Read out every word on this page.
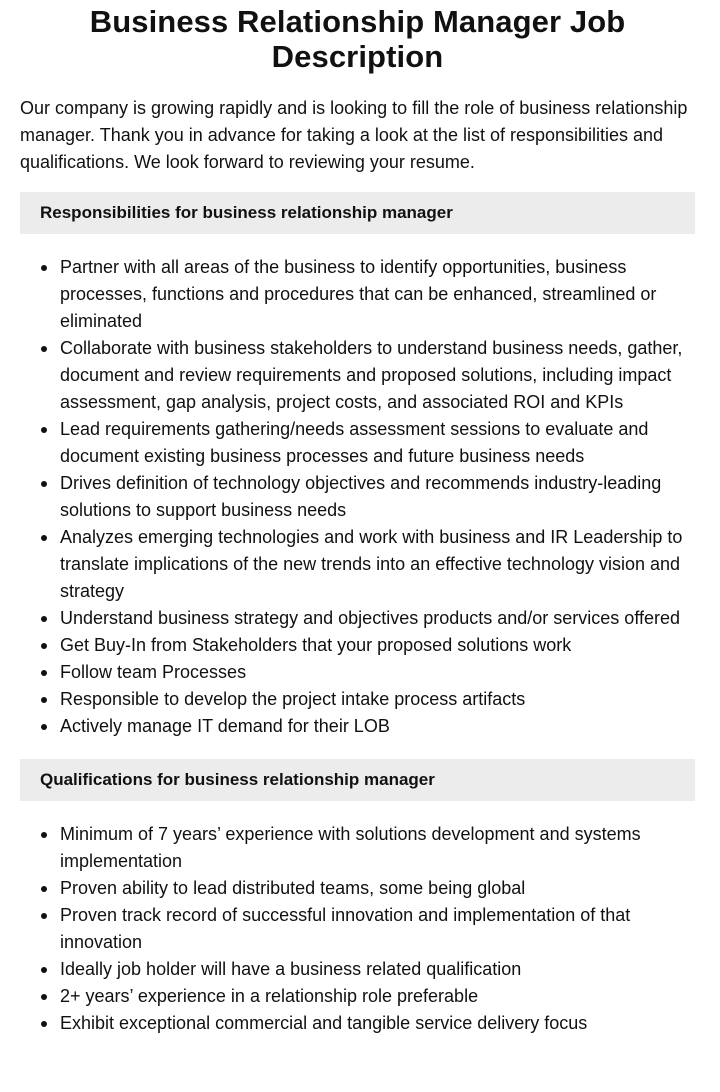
Business Relationship Manager Job Description

Our company is growing rapidly and is looking to fill the role of business relationship manager. Thank you in advance for taking a look at the list of responsibilities and qualifications. We look forward to reviewing your resume.

Responsibilities for business relationship manager
Partner with all areas of the business to identify opportunities, business processes, functions and procedures that can be enhanced, streamlined or eliminated
Collaborate with business stakeholders to understand business needs, gather, document and review requirements and proposed solutions, including impact assessment, gap analysis, project costs, and associated ROI and KPIs
Lead requirements gathering/needs assessment sessions to evaluate and document existing business processes and future business needs
Drives definition of technology objectives and recommends industry-leading solutions to support business needs
Analyzes emerging technologies and work with business and IR Leadership to translate implications of the new trends into an effective technology vision and strategy
Understand business strategy and objectives products and/or services offered
Get Buy-In from Stakeholders that your proposed solutions work
Follow team Processes
Responsible to develop the project intake process artifacts
Actively manage IT demand for their LOB
Qualifications for business relationship manager
Minimum of 7 years’ experience with solutions development and systems implementation
Proven ability to lead distributed teams, some being global
Proven track record of successful innovation and implementation of that innovation
Ideally job holder will have a business related qualification
2+ years’ experience in a relationship role preferable
Exhibit exceptional commercial and tangible service delivery focus
